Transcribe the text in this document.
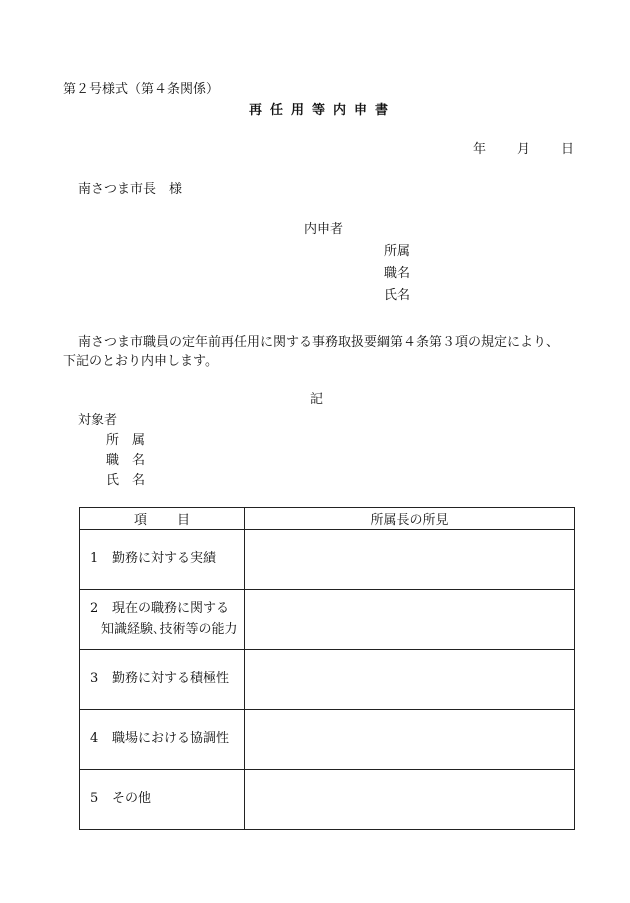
第２号様式（第４条関係）
再任用等内申書
年 月 日
南さつま市長　様
内申者
所属
職名
氏名
南さつま市職員の定年前再任用に関する事務取扱要綱第４条第３項の規定により、
下記のとおり内申します。
記
対象者
所属
職名
氏名
項目	所属長の所見
1 勤務に対する実績	
2 現在の職務に関する
知識経験､技術等の能力	
3 勤務に対する積極性	
4 職場における協調性	
5 その他	
